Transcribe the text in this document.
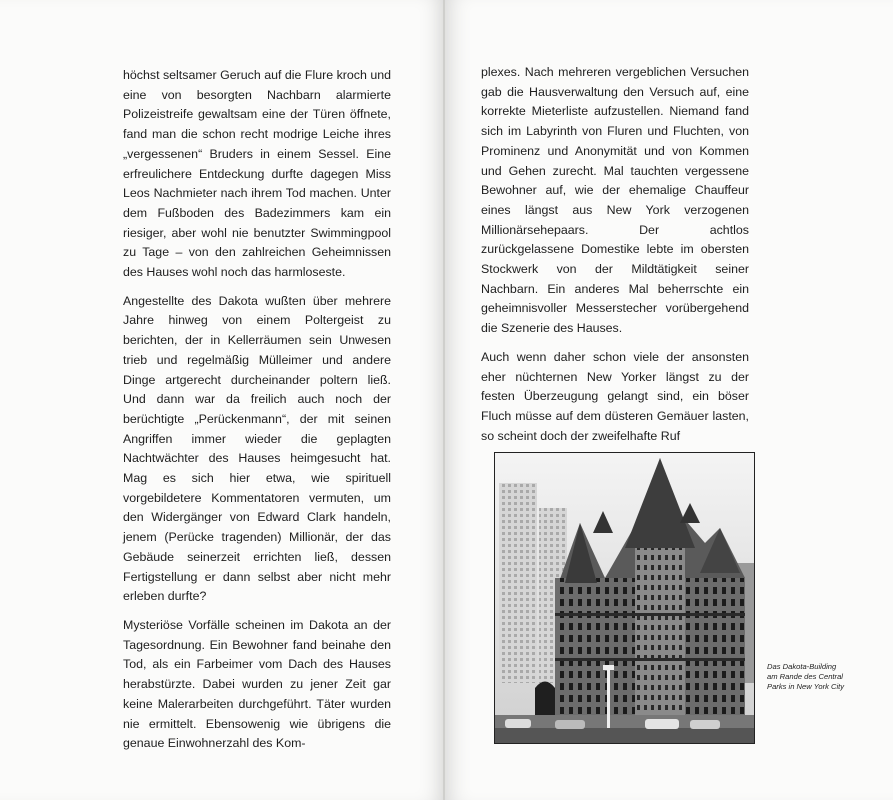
höchst seltsamer Geruch auf die Flure kroch und eine von besorgten Nachbarn alarmierte Polizeistreife gewaltsam eine der Türen öffnete, fand man die schon recht modrige Leiche ihres „vergessenen“ Bruders in einem Sessel. Eine erfreulichere Entdeckung durfte dagegen Miss Leos Nachmieter nach ihrem Tod machen. Unter dem Fußboden des Badezimmers kam ein riesiger, aber wohl nie benutzter Swimmingpool zu Tage – von den zahlreichen Geheimnissen des Hauses wohl noch das harmloseste.

Angestellte des Dakota wußten über mehrere Jahre hinweg von einem Poltergeist zu berichten, der in Kellerräumen sein Unwesen trieb und regelmäßig Mülleimer und andere Dinge artgerecht durcheinander poltern ließ. Und dann war da freilich auch noch der berüchtigte „Perückenmann“, der mit seinen Angriffen immer wieder die geplagten Nachtwächter des Hauses heimgesucht hat. Mag es sich hier etwa, wie spirituell vorgebildetere Kommentatoren vermuten, um den Widergänger von Edward Clark handeln, jenem (Perücke tragenden) Millionär, der das Gebäude seinerzeit errichten ließ, dessen Fertigstellung er dann selbst aber nicht mehr erleben durfte?

Mysteriöse Vorfälle scheinen im Dakota an der Tagesordnung. Ein Bewohner fand beinahe den Tod, als ein Farbeimer vom Dach des Hauses herabstürzte. Dabei wurden zu jener Zeit gar keine Malerarbeiten durchgeführt. Täter wurden nie ermittelt. Ebensowenig wie übrigens die genaue Einwohnerzahl des Kom-

plexes. Nach mehreren vergeblichen Versuchen gab die Hausverwaltung den Versuch auf, eine korrekte Mieterliste aufzustellen. Niemand fand sich im Labyrinth von Fluren und Fluchten, von Prominenz und Anonymität und von Kommen und Gehen zurecht. Mal tauchten vergessene Bewohner auf, wie der ehemalige Chauffeur eines längst aus New York verzogenen Millionärsehepaars. Der achtlos zurückgelassene Domestike lebte im obersten Stockwerk von der Mildtätigkeit seiner Nachbarn. Ein anderes Mal beherrschte ein geheimnisvoller Messerstecher vorübergehend die Szenerie des Hauses.

Auch wenn daher schon viele der ansonsten eher nüchternen New Yorker längst zu der festen Überzeugung gelangt sind, ein böser Fluch müsse auf dem düsteren Gemäuer lasten, so scheint doch der zweifelhafte Ruf

Das Dakota-Building
am Rande des Central
Parks in New York City
